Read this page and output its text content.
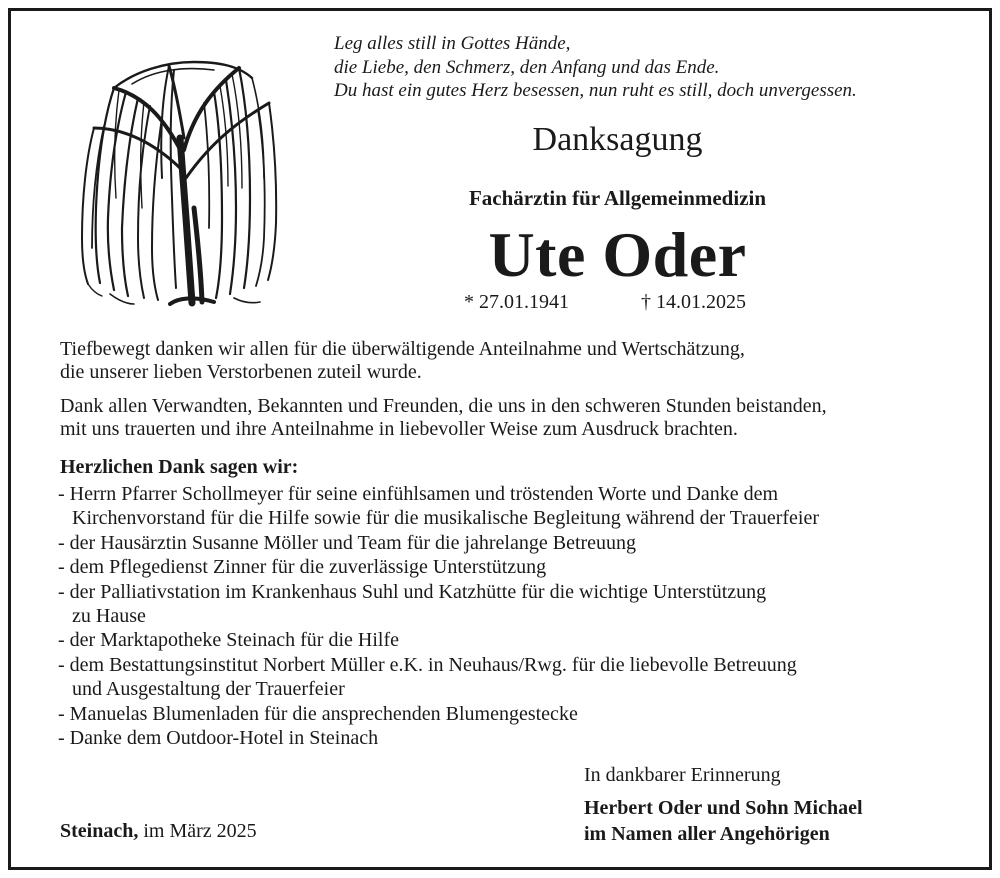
Leg alles still in Gottes Hände,
die Liebe, den Schmerz, den Anfang und das Ende.
Du hast ein gutes Herz besessen, nun ruht es still, doch unvergessen.
Danksagung
Fachärztin für Allgemeinmedizin
Ute Oder
* 27.01.1941	† 14.01.2025
Tiefbewegt danken wir allen für die überwältigende Anteilnahme und Wertschätzung,
die unserer lieben Verstorbenen zuteil wurde.
Dank allen Verwandten, Bekannten und Freunden, die uns in den schweren Stunden beistanden,
mit uns trauerten und ihre Anteilnahme in liebevoller Weise zum Ausdruck brachten.
Herzlichen Dank sagen wir:
- Herrn Pfarrer Schollmeyer für seine einfühlsamen und tröstenden Worte und Danke dem
Kirchenvorstand für die Hilfe sowie für die musikalische Begleitung während der Trauerfeier
- der Hausärztin Susanne Möller und Team für die jahrelange Betreuung
- dem Pflegedienst Zinner für die zuverlässige Unterstützung
- der Palliativstation im Krankenhaus Suhl und Katzhütte für die wichtige Unterstützung
zu Hause
- der Marktapotheke Steinach für die Hilfe
- dem Bestattungsinstitut Norbert Müller e.K. in Neuhaus/Rwg. für die liebevolle Betreuung
und Ausgestaltung der Trauerfeier
- Manuelas Blumenladen für die ansprechenden Blumengestecke
- Danke dem Outdoor-Hotel in Steinach
In dankbarer Erinnerung
Herbert Oder und Sohn Michael
im Namen aller Angehörigen
Steinach, im März 2025
